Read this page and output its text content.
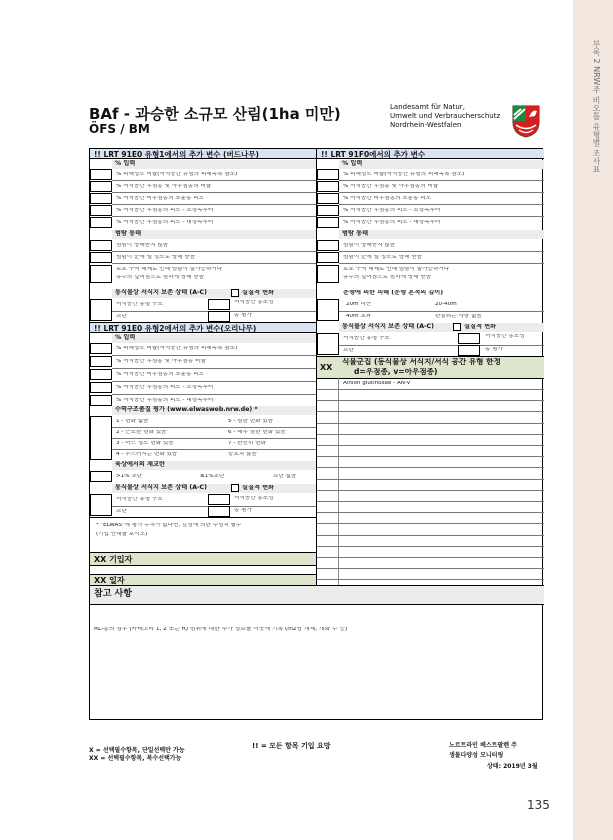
부록 2 NRW주 비오톱 유형별 조사표
BAf - 과승한 소규모 산림(1ha 미만)
ÖFS / BM
Landesamt für Natur,
Umwelt und Verbraucherschutz
Nordrhein-Westfalen
!! LRT 91E0 유형1에서의 추가 변수 (버드나무)
% 입력
% 피해정도 비율(서식공간 유형의 피해목록 참조)
% 서식공간 우점종 및 아우점종의 비율
% 서식공간 비우점종의 조분종 피도
% 서식공간 우점종의 피도 - 소경목부터
% 서식공간 우점종의 피도 - 대경목부터
범람 동태
범람이 방해받지 않음
범람이 눈에 띌 정도로 방해 받음
보호 구역 해제로 인해 범람이 불가능하거나
유수의 깊어짐으로 심하게 방해 받음
동식물상 서식지 보존 상태 (A-C)	실질적 변화
서식공간 유형 구조	서식공간 종조성
교란	총 평가
!! LRT 91E0 유형2에서의 추가 변수(오리나무)
% 입력
% 피해정도 비율(서식공간 유형의 피해목록 참조)
% 서식공간 우점종 및 아우점종 비율
% 서식공간 비우점종의 조분종 피도
% 서식공간 우점종의 피도 - 소경목부터
% 서식공간 우점종의 피도 - 대경목부터
수역구조품질 평가 (www.elwasweb.nrw.de) *
1 - 변화 없음	5 - 심한 변화 있음
2 - 근소한 변화 있음	6 - 매우 심한 변화 있음
3 - 어느 정도 변화 있음	7 - 완전히 변화
4 - 두드러지는 변화 있음	중요치 않음
육상에서의 재교란
>1% 교란	≤1%교란	교란 없음
동식물상 서식지 보존 상태 (A-C)	실질적 변화
서식공간 유형 구조	서식공간 종조성
교란	총 평가
* "ELWAS"에 평가 수치가 없다면, 감정에 의한 추정치 필수
(기입 안내를 보시오)
XX 기입자
XX 일자
!! LRT 91F0에서의 추가 변수
% 입력
% 피해정도 비율(서식공간 유형의 피해목록 참조)
% 서식공간 우점종 및 아우점종의 비율
% 서식공간 비우점종의 조분종 피도
% 서식공간 우점종의 피도 - 소경목부터
% 서식공간 우점종의 피도 - 대경목부터
범람 동태
범람이 방해받지 않음
범람이 눈에 띌 정도로 방해 받음
보호 구역 해제로 인해 범람이 불가능하거나
유수의 깊어짐으로 심하게 방해 받음
운행에 의한 피해 (운행 흔적의 깊이)
20m 미만	20-40m
40m 초과	관찰되는 사항 없음
동식물상 서식지 보존 상태 (A-C)	실질적 변화
서식공간 유형 구조	서식공간 종조성
교란	총 평가
XX
식물군집 (동식물상 서식지/서식 공간 유형 한정
d=우점종, v=아우점종)
Alnion glutinosae - AN-V
참고 사항
RL-종의 경우 (카테고리 1, 2 또는 R) 범위에 대한 추가 정보를 이곳에 기록 (m2당 개체, 개화 수 등)
X = 선택필수항목, 단일선택만 가능
XX = 선택필수항목, 복수선택가능
!! = 모든 항목 기입 요망	노르트라인 베스트팔렌 주
생물다양성 모니터링
상태: 2019년 3월
135
